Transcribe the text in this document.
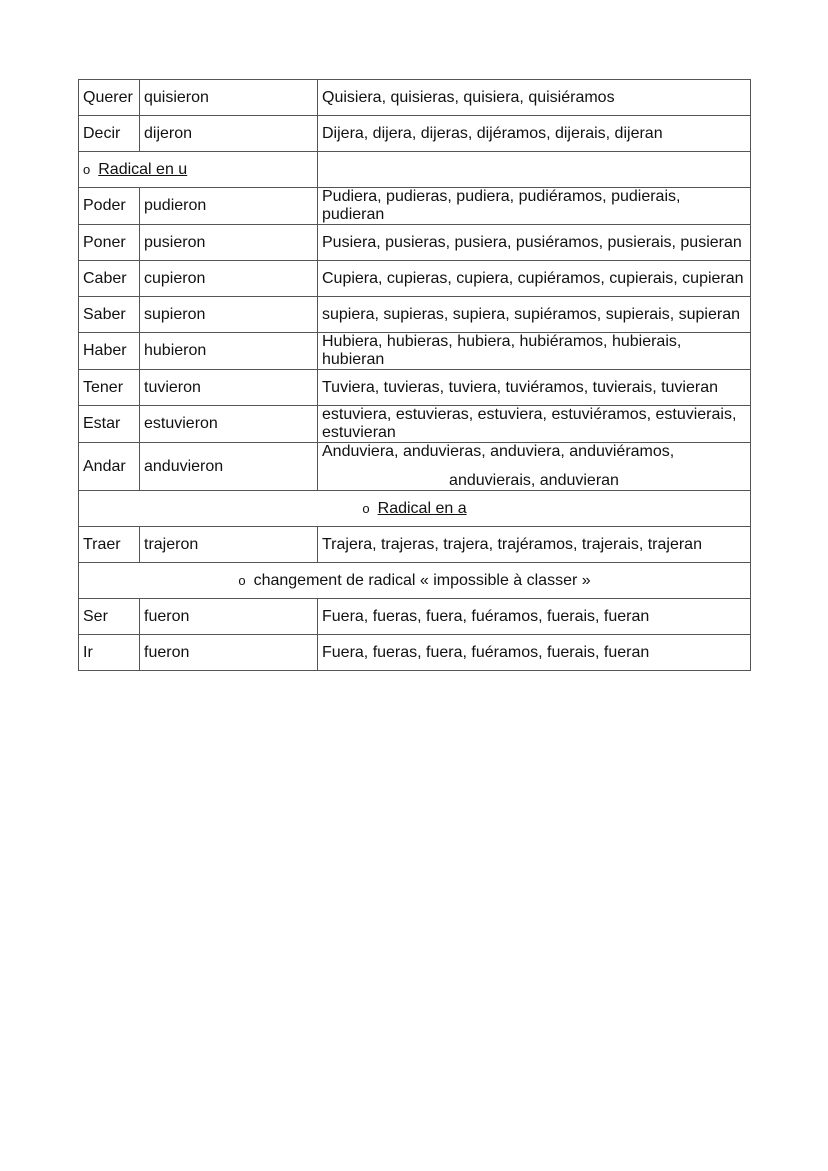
Querer	quisieron	Quisiera, quisieras, quisiera, quisiéramos
Decir	dijeron	Dijera, dijera, dijeras, dijéramos, dijerais, dijeran
o Radical en u		
Poder	pudieron	Pudiera, pudieras, pudiera, pudiéramos, pudierais, pudieran
Poner	pusieron	Pusiera, pusieras, pusiera, pusiéramos, pusierais, pusieran
Caber	cupieron	Cupiera, cupieras, cupiera, cupiéramos, cupierais, cupieran
Saber	supieron	supiera, supieras, supiera, supiéramos, supierais, supieran
Haber	hubieron	Hubiera, hubieras, hubiera, hubiéramos, hubierais, hubieran
Tener	tuvieron	Tuviera, tuvieras, tuviera, tuviéramos, tuvierais, tuvieran
Estar	estuvieron	estuviera, estuvieras, estuviera, estuviéramos, estuvierais, estuvieran
Andar	anduvieron	Anduviera, anduvieras, anduviera, anduviéramos,
anduvierais, anduvieran

o Radical en a		
Traer	trajeron	Trajera, trajeras, trajera, trajéramos, trajerais, trajeran
o changement de radical « impossible à classer »		
Ser	fueron	Fuera, fueras, fuera, fuéramos, fuerais, fueran
Ir	fueron	Fuera, fueras, fuera, fuéramos, fuerais, fueran
